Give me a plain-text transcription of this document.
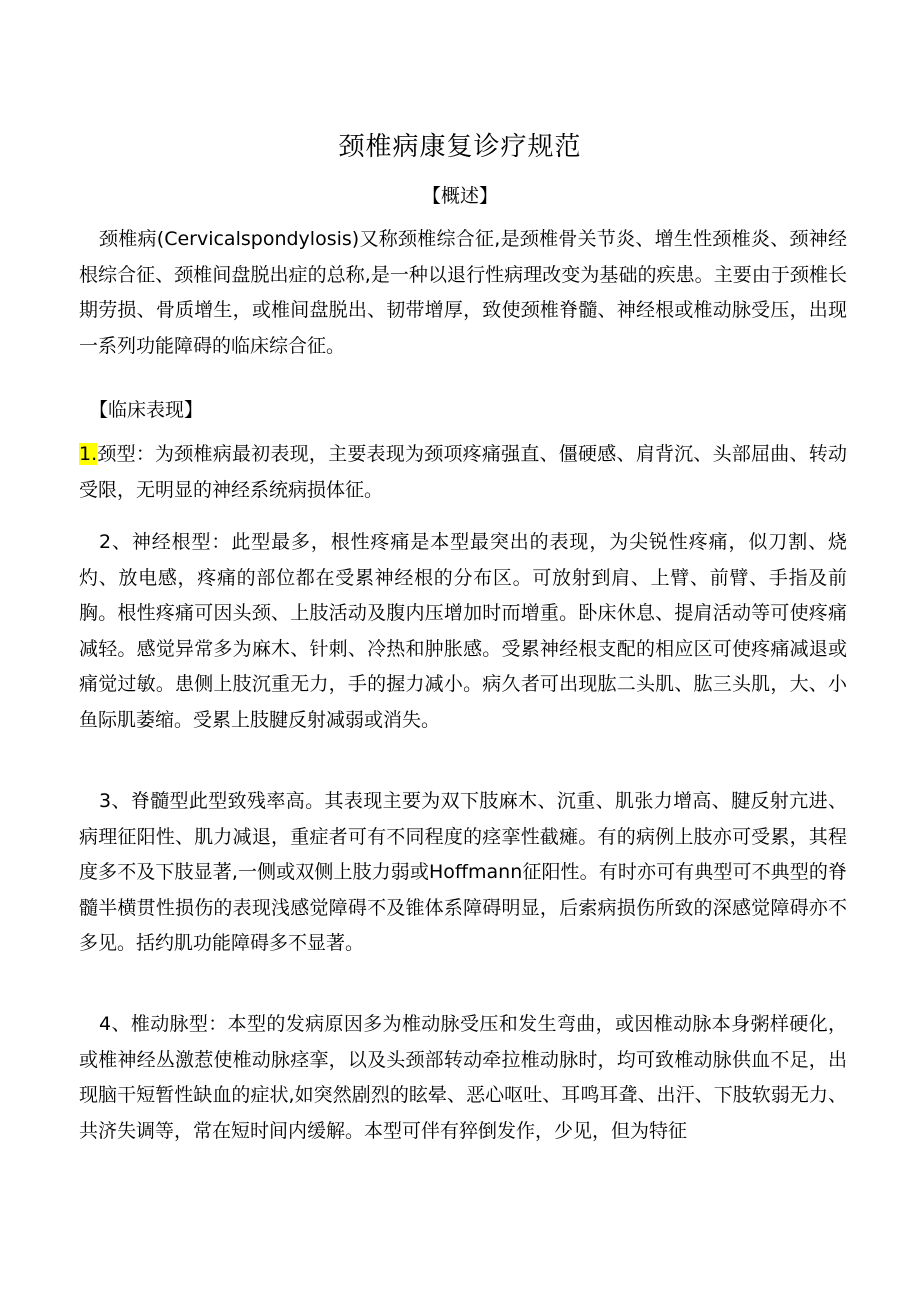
颈椎病康复诊疗规范
【概述】

颈椎病(Cervicalspondylosis)又称颈椎综合征,是颈椎骨关节炎、增生性颈椎炎、颈神经根综合征、颈椎间盘脱出症的总称,是一种以退行性病理改变为基础的疾患。主要由于颈椎长期劳损、骨质增生，或椎间盘脱出、韧带增厚，致使颈椎脊髓、神经根或椎动脉受压，出现一系列功能障碍的临床综合征。

【临床表现】

1.颈型：为颈椎病最初表现，主要表现为颈项疼痛强直、僵硬感、肩背沉、头部屈曲、转动受限，无明显的神经系统病损体征。

2、神经根型：此型最多，根性疼痛是本型最突出的表现，为尖锐性疼痛，似刀割、烧灼、放电感，疼痛的部位都在受累神经根的分布区。可放射到肩、上臂、前臂、手指及前胸。根性疼痛可因头颈、上肢活动及腹内压增加时而增重。卧床休息、提肩活动等可使疼痛减轻。感觉异常多为麻木、针刺、冷热和肿胀感。受累神经根支配的相应区可使疼痛减退或痛觉过敏。患侧上肢沉重无力，手的握力减小。病久者可出现肱二头肌、肱三头肌，大、小鱼际肌萎缩。受累上肢腱反射减弱或消失。

3、脊髓型此型致残率高。其表现主要为双下肢麻木、沉重、肌张力增高、腱反射亢进、病理征阳性、肌力减退，重症者可有不同程度的痉挛性截瘫。有的病例上肢亦可受累，其程度多不及下肢显著,一侧或双侧上肢力弱或Hoffmann征阳性。有时亦可有典型可不典型的脊髓半横贯性损伤的表现浅感觉障碍不及锥体系障碍明显，后索病损伤所致的深感觉障碍亦不多见。括约肌功能障碍多不显著。

4、椎动脉型：本型的发病原因多为椎动脉受压和发生弯曲，或因椎动脉本身粥样硬化，或椎神经丛激惹使椎动脉痉挛，以及头颈部转动牵拉椎动脉时，均可致椎动脉供血不足，出现脑干短暂性缺血的症状,如突然剧烈的眩晕、恶心呕吐、耳鸣耳聋、出汗、下肢软弱无力、共济失调等，常在短时间内缓解。本型可伴有猝倒发作，少见，但为特征
